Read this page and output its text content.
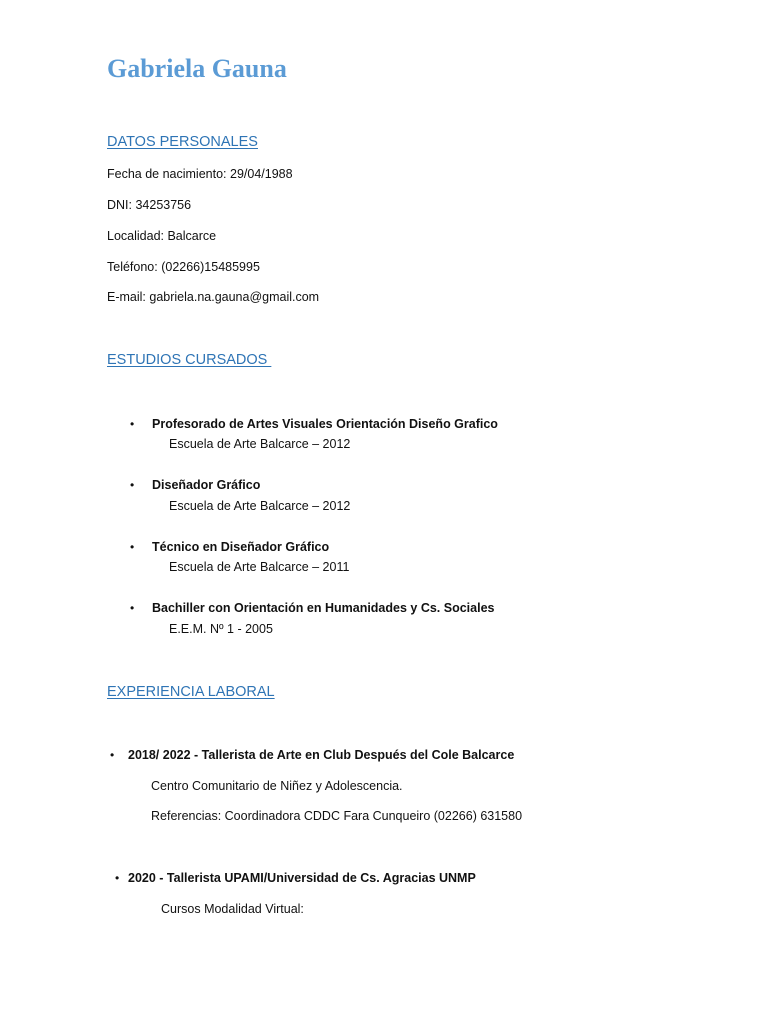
Gabriela Gauna
DATOS PERSONALES
Fecha de nacimiento: 29/04/1988
DNI: 34253756
Localidad: Balcarce
Teléfono: (02266)15485995
E-mail: gabriela.na.gauna@gmail.com
ESTUDIOS CURSADOS
• Profesorado de Artes Visuales Orientación Diseño Grafico
Escuela de Arte Balcarce – 2012
• Diseñador Gráfico
Escuela de Arte Balcarce – 2012
• Técnico en Diseñador Gráfico
Escuela de Arte Balcarce – 2011
• Bachiller con Orientación en Humanidades y Cs. Sociales
E.E.M. Nº 1 - 2005
EXPERIENCIA LABORAL
• 2018/ 2022 - Tallerista de Arte en Club Después del Cole Balcarce
Centro Comunitario de Niñez y Adolescencia.
Referencias: Coordinadora CDDC Fara Cunqueiro (02266) 631580
• 2020 - Tallerista UPAMI/Universidad de Cs. Agracias UNMP
Cursos Modalidad Virtual:
